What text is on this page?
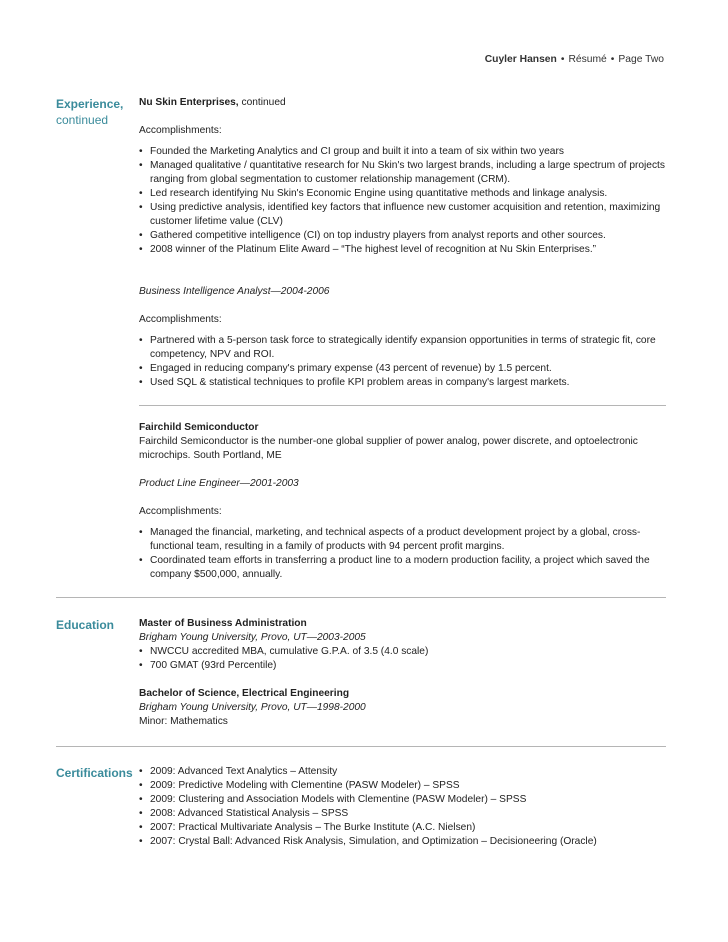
Cuyler Hansen • Résumé • Page Two
Experience,
continued

Nu Skin Enterprises, continued

Accomplishments:

• Founded the Marketing Analytics and CI group and built it into a team of six within two years
• Managed qualitative / quantitative research for Nu Skin's two largest brands, including a large spectrum of projects ranging from global segmentation to customer relationship management (CRM).
• Led research identifying Nu Skin's Economic Engine using quantitative methods and linkage analysis.
• Using predictive analysis, identified key factors that influence new customer acquisition and retention, maximizing customer lifetime value (CLV)
• Gathered competitive intelligence (CI) on top industry players from analyst reports and other sources.
• 2008 winner of the Platinum Elite Award – “The highest level of recognition at Nu Skin Enterprises.”

Business Intelligence Analyst—2004-2006

Accomplishments:

• Partnered with a 5-person task force to strategically identify expansion opportunities in terms of strategic fit, core competency, NPV and ROI.
• Engaged in reducing company's primary expense (43 percent of revenue) by 1.5 percent.
• Used SQL & statistical techniques to profile KPI problem areas in company's largest markets.

Fairchild Semiconductor

Fairchild Semiconductor is the number-one global supplier of power analog, power discrete, and optoelectronic microchips. South Portland, ME

Product Line Engineer—2001-2003

Accomplishments:

• Managed the financial, marketing, and technical aspects of a product development project by a global, cross-functional team, resulting in a family of products with 94 percent profit margins.
• Coordinated team efforts in transferring a product line to a modern production facility, a project which saved the company $500,000, annually.
Education	Master of Business Administration

Brigham Young University, Provo, UT—2003-2005

• NWCCU accredited MBA, cumulative G.P.A. of 3.5 (4.0 scale)
• 700 GMAT (93rd Percentile)

Bachelor of Science, Electrical Engineering

Brigham Young University, Provo, UT—1998-2000

Minor: Mathematics

Certifications
•	2009: Advanced Text Analytics – Attensity
• 2009: Predictive Modeling with Clementine (PASW Modeler) – SPSS
• 2009: Clustering and Association Models with Clementine (PASW Modeler) – SPSS
• 2008: Advanced Statistical Analysis – SPSS
• 2007: Practical Multivariate Analysis – The Burke Institute (A.C. Nielsen)
• 2007: Crystal Ball: Advanced Risk Analysis, Simulation, and Optimization – Decisioneering (Oracle)
